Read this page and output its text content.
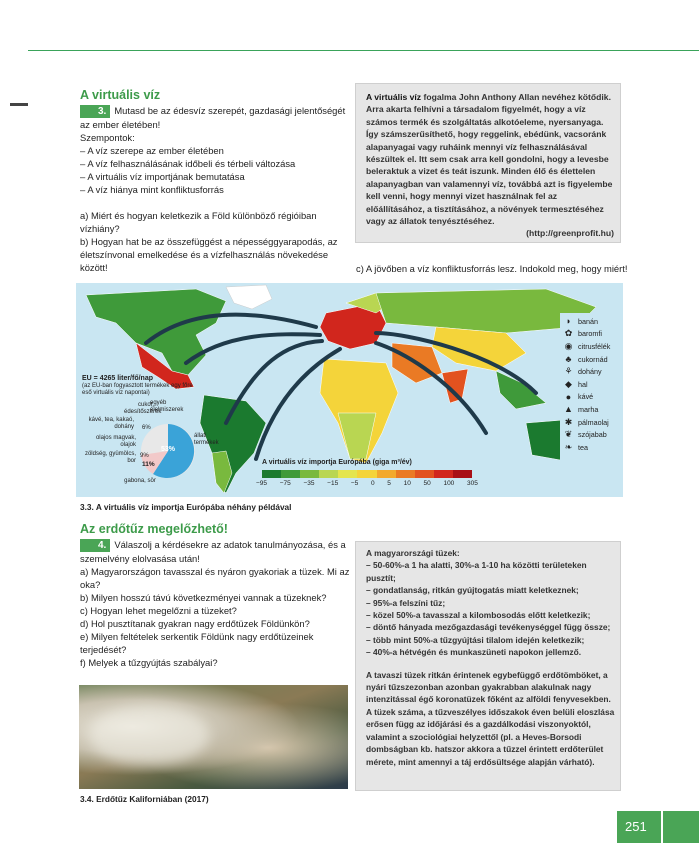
A virtuális víz
3. Mutasd be az édesvíz szerepét, gazdasági jelentőségét az ember életében!
Szempontok:
– A víz szerepe az ember életében
– A víz felhasználásának időbeli és térbeli változása
– A virtuális víz importjának bemutatása
– A víz hiánya mint konfliktusforrás
a) Miért és hogyan keletkezik a Föld különböző régióiban vízhiány?
b) Hogyan hat be az összefüggést a népességgyarapodás, az életszínvonal emelkedése és a vízfelhasználás növekedése között!
A virtuális víz fogalma John Anthony Allan nevéhez kötődik. Arra akarta felhívni a társadalom figyelmét, hogy a víz számos termék és szolgáltatás alkotóeleme, nyersanyaga. Így számszerűsíthető, hogy reggelink, ebédünk, vacsoránk alapanyagai vagy ruháink mennyi víz felhasználásával készültek el. Itt sem csak arra kell gondolni, hogy a levesbe beleraktuk a vizet és teát iszunk. Minden élő és élettelen alapanyagban van valamennyi víz, továbbá azt is figyelembe kell venni, hogy mennyi vizet használnak fel az előállításához, a tisztításához, a növények termesztéséhez vagy az állatok tenyésztéséhez.
(http://greenprofit.hu)
c) A jövőben a víz konfliktusforrás lesz. Indokold meg, hogy miért!
EU = 4265 liter/fő/nap
(az EU-ban fogyasztott termékek egy főre eső virtuális víz napontai)
53%
11%
9%
6%
állati termékek
cukor, édesítőszerek
egyéb élelmiszerek
kávé, tea, kakaó, dohány
olajos magvak, olajok
zöldség, gyümölcs, bor
gabona, sör
◗ banán
✿ baromfi
◉ citrusfélék
♣ cukornád
⚘ dohány
◆ hal
● kávé
▲ marha
✱ pálmaolaj
❦ szójabab
❧ tea
A virtuális víz importja Európába (giga m³/év)
−95 −75 −35 −15 −5 0 5 10 50 100 305
3.3. A virtuális víz importja Európába néhány példával
Az erdőtűz megelőzhető!
4. Válaszolj a kérdésekre az adatok tanulmányozása, és a szemelvény elolvasása után!
a) Magyarországon tavasszal és nyáron gyakoriak a tüzek. Mi az oka?
b) Milyen hosszú távú következményei vannak a tüzeknek?
c) Hogyan lehet megelőzni a tüzeket?
d) Hol pusztítanak gyakran nagy erdőtüzek Földünkön?
e) Milyen feltételek serkentik Földünk nagy erdőtüzeinek terjedését?
f) Melyek a tűzgyújtás szabályai?
3.4. Erdőtűz Kaliforniában (2017)
A magyarországi tüzek:
– 50-60%-a 1 ha alatti, 30%-a 1-10 ha közötti területeken pusztít;
– gondatlanság, ritkán gyújtogatás miatt keletkeznek;
– 95%-a felszíni tűz;
– közel 50%-a tavasszal a kilombosodás előtt keletkezik;
– döntő hányada mezőgazdasági tevékenységgel függ össze;
– több mint 50%-a tűzgyújtási tilalom idején keletkezik;
– 40%-a hétvégén és munkaszüneti napokon jellemző.
A tavaszi tüzek ritkán érintenek egybefüggő erdőtömböket, a nyári tűzszezonban azonban gyakrabban alakulnak nagy intenzitással égő koronatüzek főként az alföldi fenyvesekben.
A tüzek száma, a tűzveszélyes időszakok éven belüli eloszlása erősen függ az időjárási és a gazdálkodási viszonyoktól, valamint a szociológiai helyzettől (pl. a Heves-Borsodi dombságban kb. hatszor akkora a tűzzel érintett erdőterület mérete, mint amennyi a táj erdősültsége alapján várható).
251
